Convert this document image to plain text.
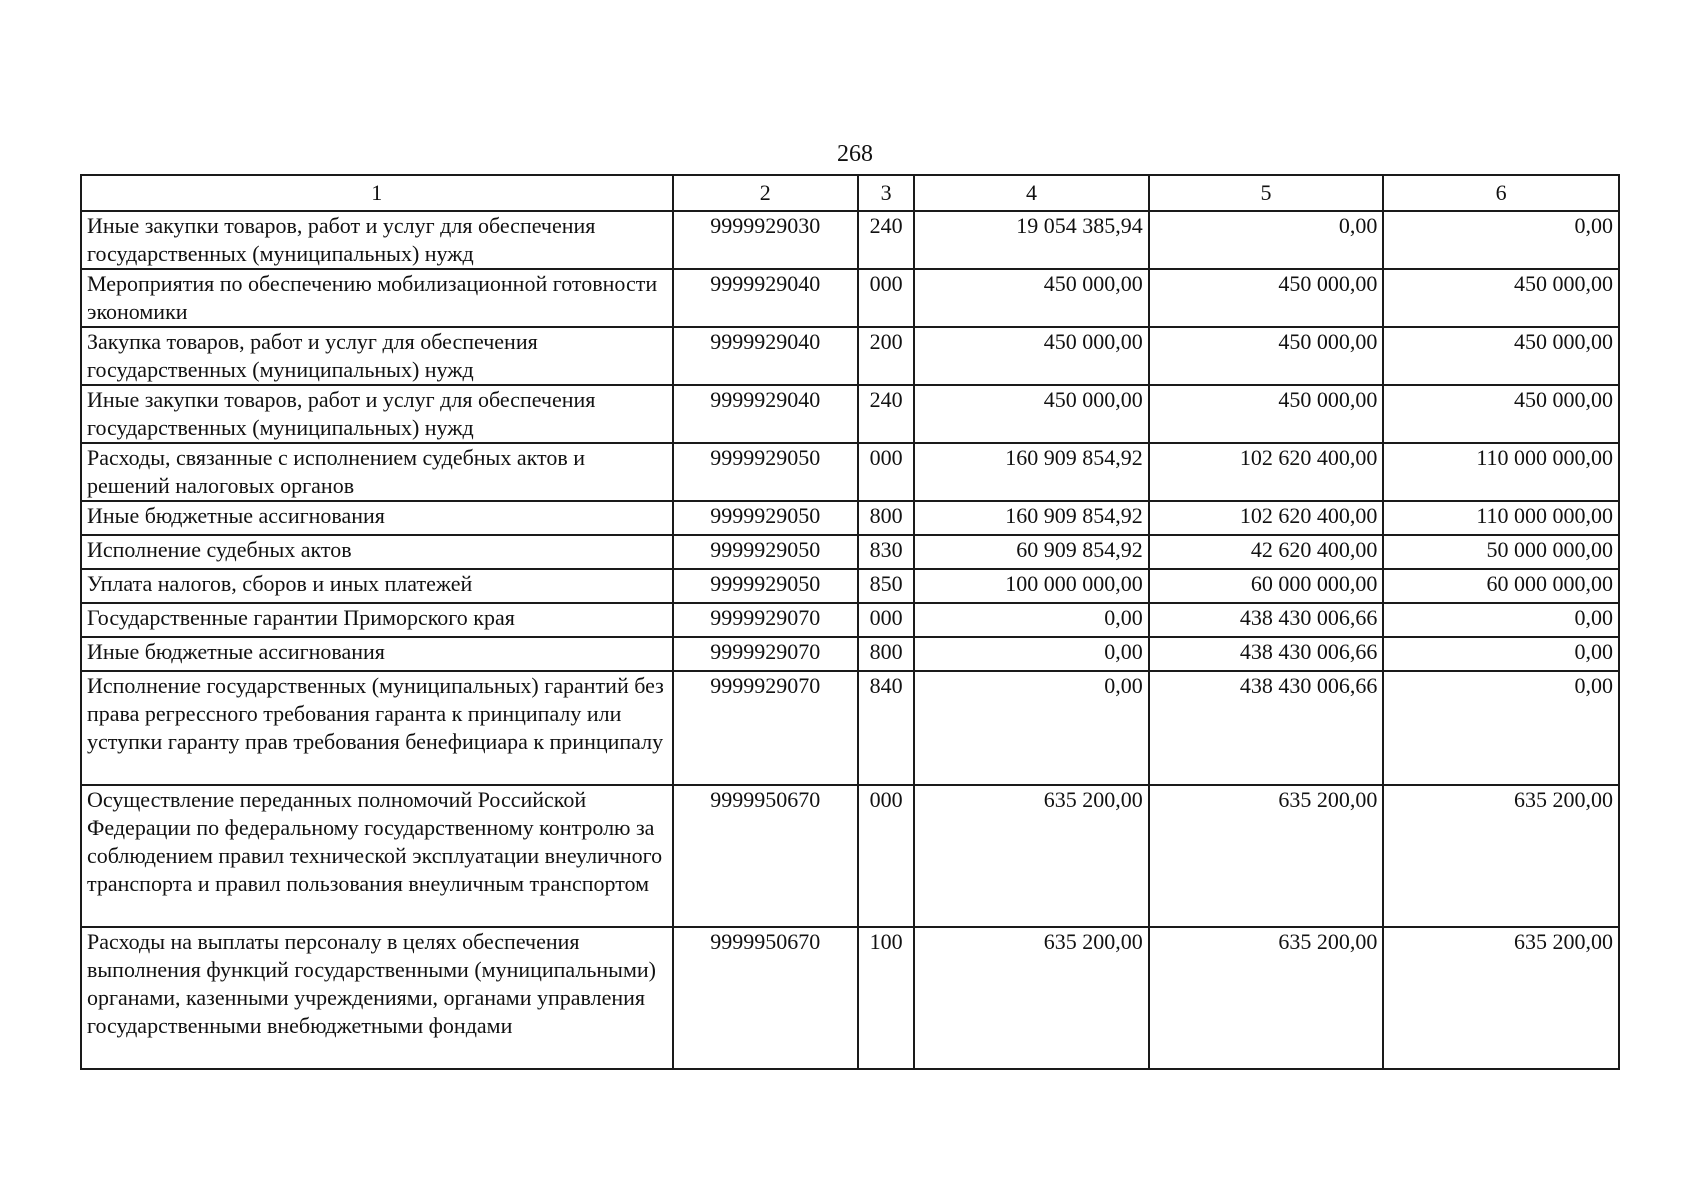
268
1	2	3	4	5	6
Иные закупки товаров, работ и услуг для обеспечения государственных (муниципальных) нужд	9999929030	240	19 054 385,94	0,00	0,00
Мероприятия по обеспечению мобилизационной готовности экономики	9999929040	000	450 000,00	450 000,00	450 000,00
Закупка товаров, работ и услуг для обеспечения государственных (муниципальных) нужд	9999929040	200	450 000,00	450 000,00	450 000,00
Иные закупки товаров, работ и услуг для обеспечения государственных (муниципальных) нужд	9999929040	240	450 000,00	450 000,00	450 000,00
Расходы, связанные с исполнением судебных актов и решений налоговых органов	9999929050	000	160 909 854,92	102 620 400,00	110 000 000,00
Иные бюджетные ассигнования	9999929050	800	160 909 854,92	102 620 400,00	110 000 000,00
Исполнение судебных актов	9999929050	830	60 909 854,92	42 620 400,00	50 000 000,00
Уплата налогов, сборов и иных платежей	9999929050	850	100 000 000,00	60 000 000,00	60 000 000,00
Государственные гарантии Приморского края	9999929070	000	0,00	438 430 006,66	0,00
Иные бюджетные ассигнования	9999929070	800	0,00	438 430 006,66	0,00
Исполнение государственных (муниципальных) гарантий без права регрессного требования гаранта к принципалу или уступки гаранту прав требования бенефициара к принципалу	9999929070	840	0,00	438 430 006,66	0,00
Осуществление переданных полномочий Российской Федерации по федеральному государственному контролю за соблюдением правил технической эксплуатации внеуличного транспорта и правил пользования внеуличным транспортом	9999950670	000	635 200,00	635 200,00	635 200,00
Расходы на выплаты персоналу в целях обеспечения выполнения функций государственными (муниципальными) органами, казенными учреждениями, органами управления государственными внебюджетными фондами	9999950670	100	635 200,00	635 200,00	635 200,00
